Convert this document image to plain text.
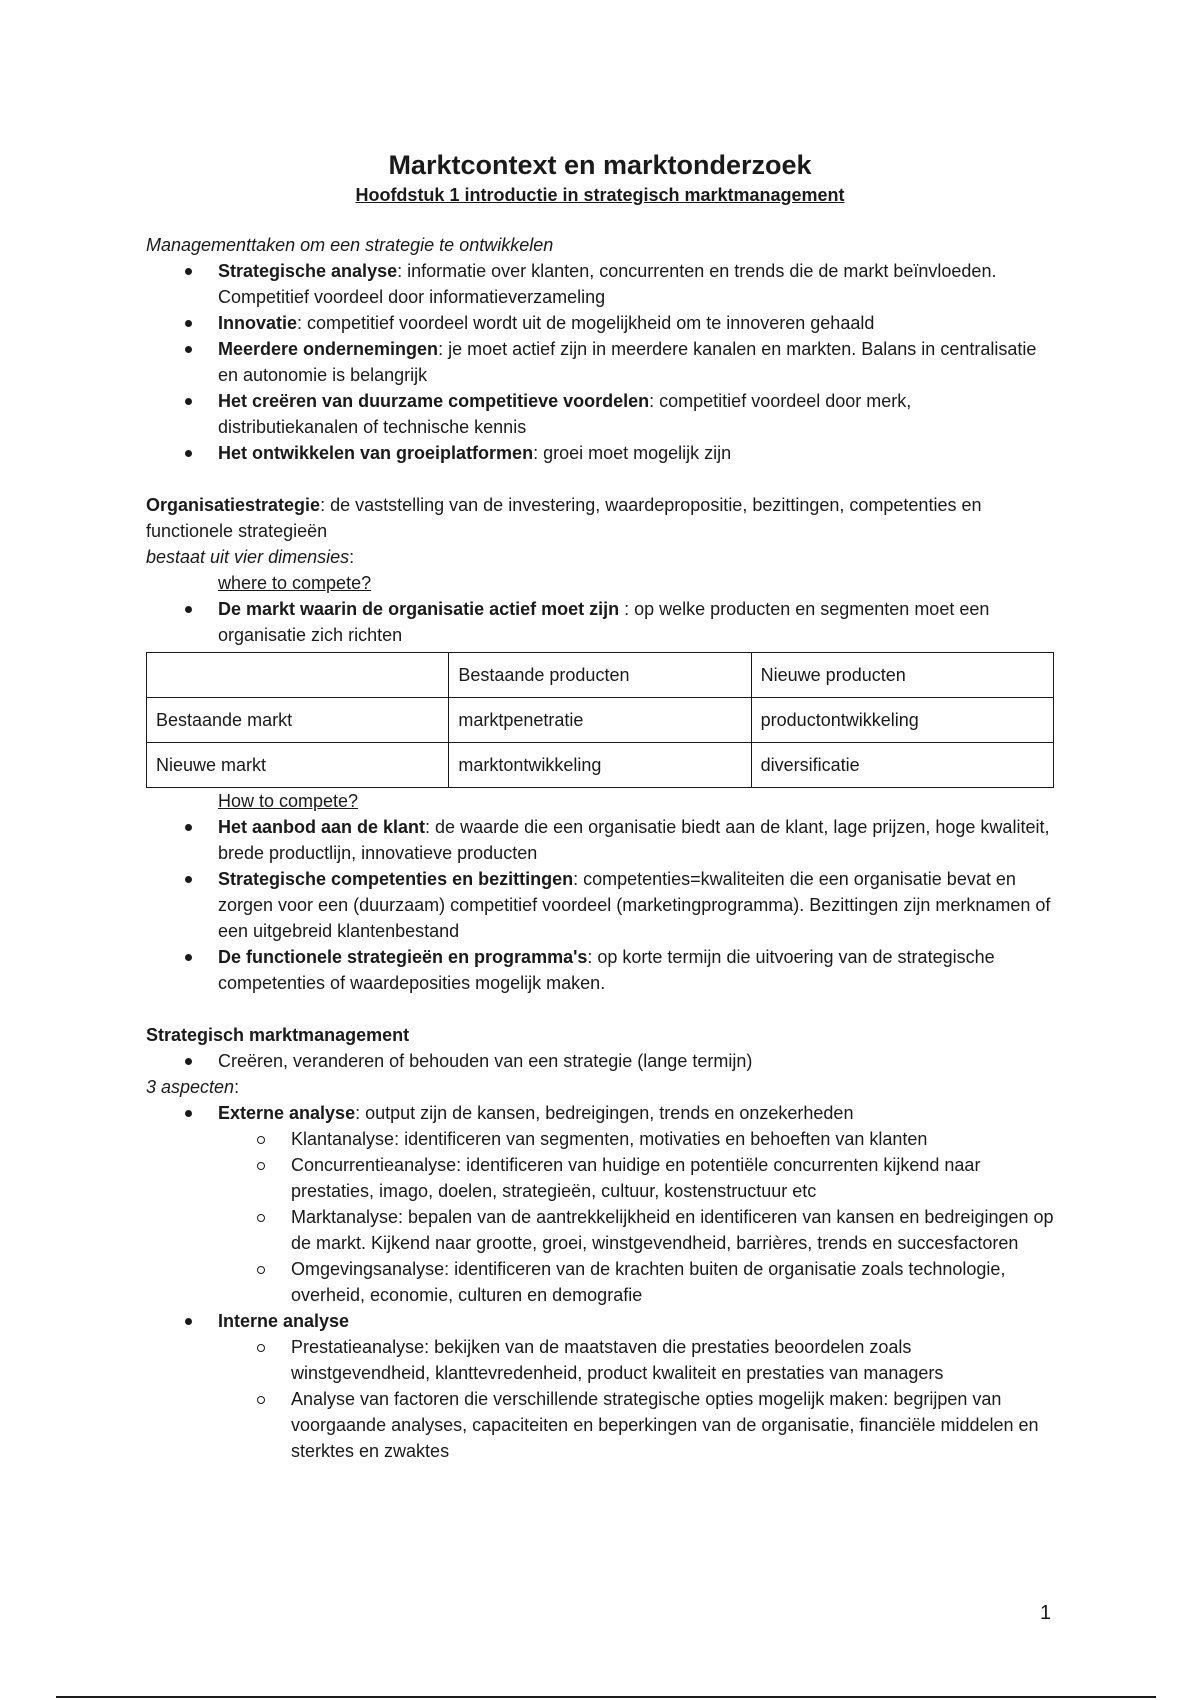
Marktcontext en marktonderzoek
Hoofdstuk 1 introductie in strategisch marktmanagement

Managementtaken om een strategie te ontwikkelen

Strategische analyse: informatie over klanten, concurrenten en trends die de markt beïnvloeden. Competitief voordeel door informatieverzameling
Innovatie: competitief voordeel wordt uit de mogelijkheid om te innoveren gehaald
Meerdere ondernemingen: je moet actief zijn in meerdere kanalen en markten. Balans in centralisatie en autonomie is belangrijk
Het creëren van duurzame competitieve voordelen: competitief voordeel door merk, distributiekanalen of technische kennis
Het ontwikkelen van groeiplatformen: groei moet mogelijk zijn

Organisatiestrategie: de vaststelling van de investering, waardepropositie, bezittingen, competenties en functionele strategieën

bestaat uit vier dimensies:

where to compete?

De markt waarin de organisatie actief moet zijn : op welke producten en segmenten moet een organisatie zich richten
	Bestaande producten	Nieuwe producten
Bestaande markt	marktpenetratie	productontwikkeling
Nieuwe markt	marktontwikkeling	diversificatie

How to compete?

Het aanbod aan de klant: de waarde die een organisatie biedt aan de klant, lage prijzen, hoge kwaliteit, brede productlijn, innovatieve producten
Strategische competenties en bezittingen: competenties=kwaliteiten die een organisatie bevat en zorgen voor een (duurzaam) competitief voordeel (marketingprogramma). Bezittingen zijn merknamen of een uitgebreid klantenbestand
De functionele strategieën en programma's: op korte termijn die uitvoering van de strategische competenties of waardeposities mogelijk maken.

Strategisch marktmanagement

Creëren, veranderen of behouden van een strategie (lange termijn)

3 aspecten:

Externe analyse: output zijn de kansen, bedreigingen, trends en onzekerheden
Klantanalyse: identificeren van segmenten, motivaties en behoeften van klanten
Concurrentieanalyse: identificeren van huidige en potentiële concurrenten kijkend naar prestaties, imago, doelen, strategieën, cultuur, kostenstructuur etc
Marktanalyse: bepalen van de aantrekkelijkheid en identificeren van kansen en bedreigingen op de markt. Kijkend naar grootte, groei, winstgevendheid, barrières, trends en succesfactoren
Omgevingsanalyse: identificeren van de krachten buiten de organisatie zoals technologie, overheid, economie, culturen en demografie
Interne analyse
Prestatieanalyse: bekijken van de maatstaven die prestaties beoordelen zoals winstgevendheid, klanttevredenheid, product kwaliteit en prestaties van managers
Analyse van factoren die verschillende strategische opties mogelijk maken: begrijpen van voorgaande analyses, capaciteiten en beperkingen van de organisatie, financiële middelen en sterktes en zwaktes
1
